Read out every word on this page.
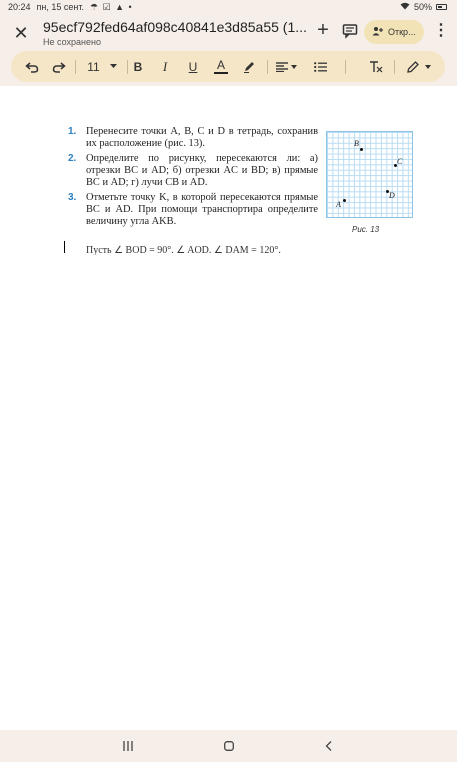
20:24 пн, 15 сент. ☂ ☑ ▲ •	50%
✕ 95ecf792fed64af098c40841e3d85a55 (1...
Не сохранено
+	Откр... ⋮
11	B	I	U	A
1. Перенесите точки A, B, C и D в тетрадь, сохранив их расположение (рис. 13).
2. Определите по рисунку, пересекаются ли: а) отрезки BC и AD; б) отрезки AC и BD; в) прямые BC и AD; г) лучи CB и AD.
3. Отметьте точку K, в которой пересекаются прямые BC и AD. При помощи транспортира определите величину угла AKB.
Пусть ∠ BOD = 90°. ∠ AOD. ∠ DAM = 120°.
B
C
D
A
Рис. 13
